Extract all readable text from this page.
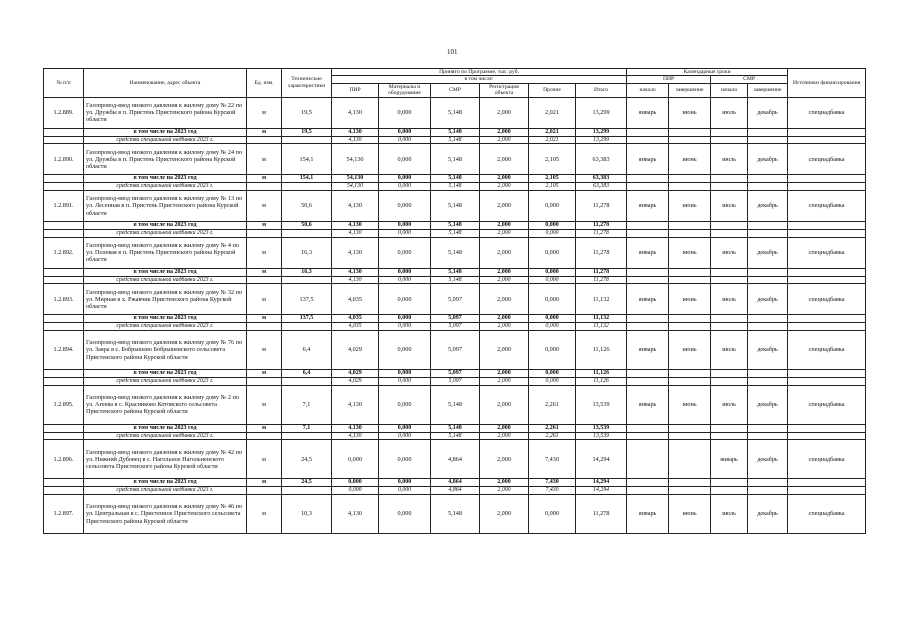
101
№ п/п	Наименование, адрес объекта	Ед. изм.	Технические характеристики	Принято по Программе, тыс. руб.						Календарные сроки				Источники финансирования
				в том числе:						ПИР		СМР		
				ПИР	Материалы и оборудование	СМР	Регистрация объекта	Прочие	Итого	начало	завершение	начало	завершение	
1.2.889.	Газопровод-ввод низкого давления к жилому дому № 22 по ул. Дружбы в п. Пристень Пристенского района Курской области	м	19,5	4,130	0,000	5,148	2,000	2,021	13,299	январь	июнь	июль	декабрь	спецнадбавка
	в том числе на 2023 год	м	19,5	4,130	0,000	5,148	2,000	2,021	13,299					
	средства специальной надбавки 2023 г.			4,130	0,000	5,148	2,000	2,021	13,299					
1.2.890.	Газопровод-ввод низкого давления к жилому дому № 24 по ул. Дружбы в п. Пристень Пристенского района Курской области	м	154,1	54,130	0,000	5,148	2,000	2,105	63,383	январь	июнь	июль	декабрь	спецнадбавка
	в том числе на 2023 год	м	154,1	54,130	0,000	5,148	2,000	2,105	63,383					
	средства специальной надбавки 2023 г.			54,130	0,000	5,148	2,000	2,105	63,383					
1.2.891.	Газопровод-ввод низкого давления к жилому дому № 13 по ул. Лесенная в п. Пристень Пристенского района Курской области	м	50,6	4,130	0,000	5,148	2,000	0,000	11,278	январь	июнь	июль	декабрь	спецнадбавка
	в том числе на 2023 год	м	50,6	4,130	0,000	5,148	2,000	0,000	11,278					
	средства специальной надбавки 2023 г.			4,130	0,000	5,148	2,000	0,000	11,278					
1.2.892.	Газопровод-ввод низкого давления к жилому дому № 4 по ул. Полевая в п. Пристень Пристенского района Курской области	м	16,3	4,130	0,000	5,148	2,000	0,000	11,278	январь	июнь	июль	декабрь	спецнадбавка
	в том числе на 2023 год	м	16,3	4,130	0,000	5,148	2,000	0,000	11,278					
	средства специальной надбавки 2023 г.			4,130	0,000	5,148	2,000	0,000	11,278					
1.2.893.	Газопровод-ввод низкого давления к жилому дому № 32 по ул. Мирная в х. Ржавчик Пристенского района Курской области	м	137,5	4,035	0,000	5,097	2,000	0,000	11,132	январь	июнь	июль	декабрь	спецнадбавка
	в том числе на 2023 год	м	137,5	4,035	0,000	5,097	2,000	0,000	11,132					
	средства специальной надбавки 2023 г.			4,035	0,000	5,097	2,000	0,000	11,132					
1.2.894.	Газопровод-ввод низкого давления к жилому дому № 76 по ул. Заяра в с. Бобрышево Бобрышевского сельсовета Пристенского района Курской области	м	6,4	4,029	0,000	5,097	2,000	0,000	11,126	январь	июнь	июль	декабрь	спецнадбавка
	в том числе на 2023 год	м	6,4	4,029	0,000	5,097	2,000	0,000	11,126					
	средства специальной надбавки 2023 г.			4,029	0,000	5,097	2,000	0,000	11,126					
1.2.895.	Газопровод-ввод низкого давления к жилому дому № 2 по ул. Агеева в с. Красниково Котовского сельсовета Пристенского района Курской области	м	7,1	4,130	0,000	5,148	2,000	2,261	13,539	январь	июнь	июль	декабрь	спецнадбавка
	в том числе на 2023 год	м	7,1	4,130	0,000	5,148	2,000	2,261	13,539					
	средства специальной надбавки 2023 г.			4,130	0,000	5,148	2,000	2,261	13,539					
1.2.896.	Газопровод-ввод низкого давления к жилому дому № 42 по ул. Нижний Дубовец в с. Нагольное Нагольненского сельсовета Пристенского района Курской области	м	24,5	0,000	0,000	4,864	2,000	7,430	14,294			январь	декабрь	спецнадбавка
	в том числе на 2023 год	м	24,5	0,000	0,000	4,864	2,000	7,430	14,294					
	средства специальной надбавки 2023 г.			0,000	0,000	4,864	2,000	7,430	14,294					
1.2.897.	Газопровод-ввод низкого давления к жилому дому № 46 по ул. Центральная в с. Пристенное Пристенского сельсовета Пристенского района Курской области	м	10,3	4,130	0,000	5,148	2,000	0,000	11,278	январь	июнь	июль	декабрь	спецнадбавка
